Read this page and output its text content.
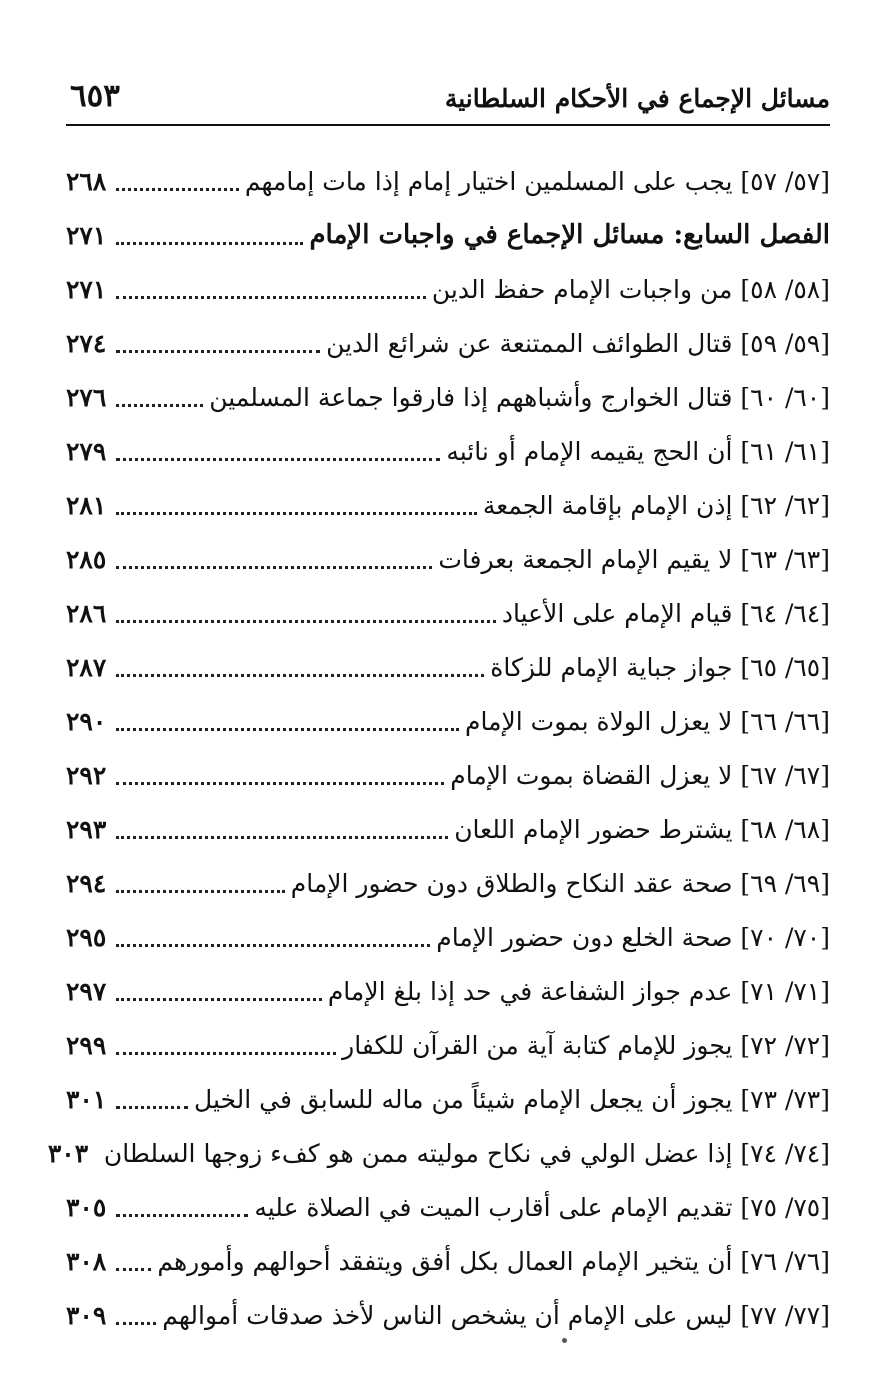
مسائل الإجماع في الأحكام السلطانية
٦٥٣
[٥٧/ ٥٧] يجب على المسلمين اختيار إمام إذا مات إمامهم
٢٦٨
الفصل السابع: مسائل الإجماع في واجبات الإمام
٢٧١
[٥٨/ ٥٨] من واجبات الإمام حفظ الدين
٢٧١
[٥٩/ ٥٩] قتال الطوائف الممتنعة عن شرائع الدين
٢٧٤
[٦٠/ ٦٠] قتال الخوارج وأشباههم إذا فارقوا جماعة المسلمين
٢٧٦
[٦١/ ٦١] أن الحج يقيمه الإمام أو نائبه
٢٧٩
[٦٢/ ٦٢] إذن الإمام بإقامة الجمعة
٢٨١
[٦٣/ ٦٣] لا يقيم الإمام الجمعة بعرفات
٢٨٥
[٦٤/ ٦٤] قيام الإمام على الأعياد
٢٨٦
[٦٥/ ٦٥] جواز جباية الإمام للزكاة
٢٨٧
[٦٦/ ٦٦] لا يعزل الولاة بموت الإمام
٢٩٠
[٦٧/ ٦٧] لا يعزل القضاة بموت الإمام
٢٩٢
[٦٨/ ٦٨] يشترط حضور الإمام اللعان
٢٩٣
[٦٩/ ٦٩] صحة عقد النكاح والطلاق دون حضور الإمام
٢٩٤
[٧٠/ ٧٠] صحة الخلع دون حضور الإمام
٢٩٥
[٧١/ ٧١] عدم جواز الشفاعة في حد إذا بلغ الإمام
٢٩٧
[٧٢/ ٧٢] يجوز للإمام كتابة آية من القرآن للكفار
٢٩٩
[٧٣/ ٧٣] يجوز أن يجعل الإمام شيئاً من ماله للسابق في الخيل
٣٠١
[٧٤/ ٧٤] إذا عضل الولي في نكاح موليته ممن هو كفء زوجها السلطان
٣٠٣
[٧٥/ ٧٥] تقديم الإمام على أقارب الميت في الصلاة عليه
٣٠٥
[٧٦/ ٧٦] أن يتخير الإمام العمال بكل أفق ويتفقد أحوالهم وأمورهم
٣٠٨
[٧٧/ ٧٧] ليس على الإمام أن يشخص الناس لأخذ صدقات أموالهم
٣٠٩
